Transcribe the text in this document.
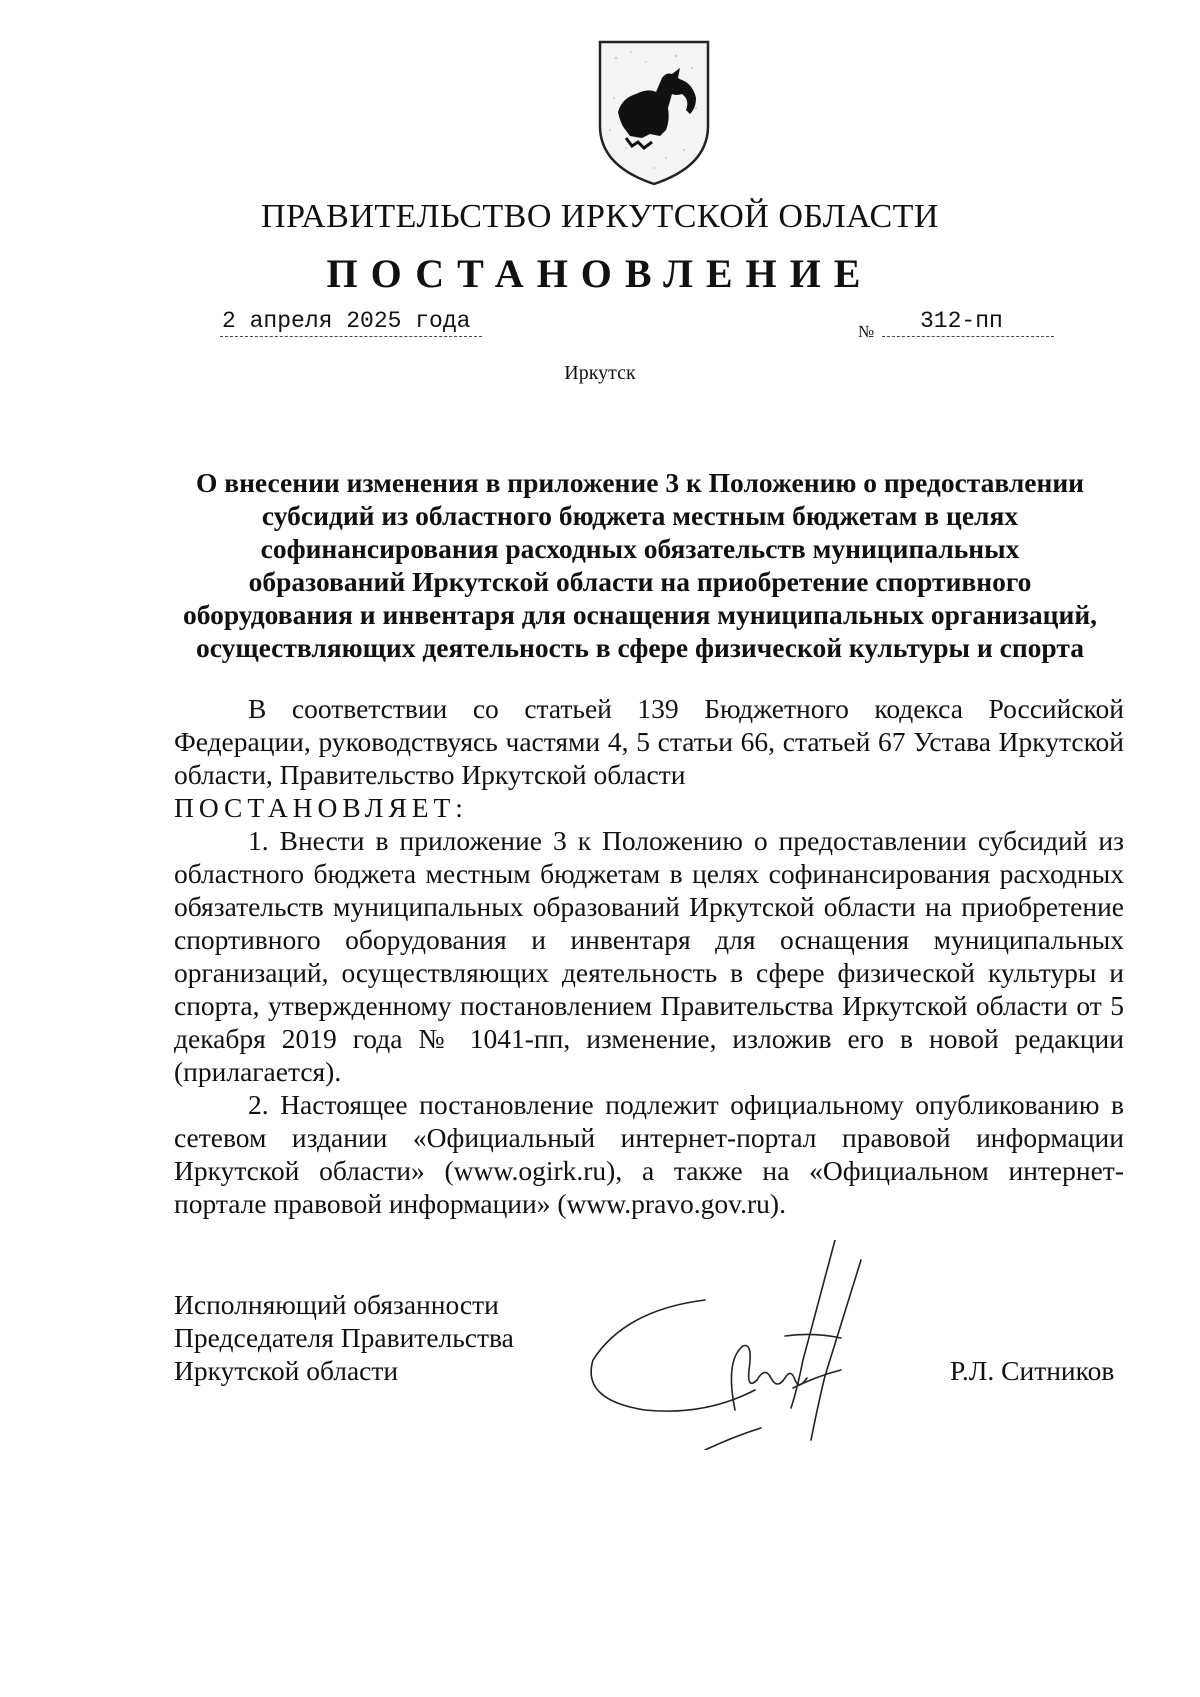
ПРАВИТЕЛЬСТВО ИРКУТСКОЙ ОБЛАСТИ
ПОСТАНОВЛЕНИЕ
2 апреля 2025 года	№	312-пп
Иркутск
О внесении изменения в приложение 3 к Положению о предоставлении
субсидий из областного бюджета местным бюджетам в целях
софинансирования расходных обязательств муниципальных
образований Иркутской области на приобретение спортивного
оборудования и инвентаря для оснащения муниципальных организаций,
осуществляющих деятельность в сфере физической культуры и спорта

В соответствии со статьей 139 Бюджетного кодекса Российской Федерации, руководствуясь частями 4, 5 статьи 66, статьей 67 Устава Иркутской области, Правительство Иркутской области

ПОСТАНОВЛЯЕТ:

1. Внести в приложение 3 к Положению о предоставлении субсидий из областного бюджета местным бюджетам в целях софинансирования расходных обязательств муниципальных образований Иркутской области на приобретение спортивного оборудования и инвентаря для оснащения муниципальных организаций, осуществляющих деятельность в сфере физической культуры и спорта, утвержденному постановлением Правительства Иркутской области от 5 декабря 2019 года № 1041-пп, изменение, изложив его в новой редакции (прилагается).

2. Настоящее постановление подлежит официальному опубликованию в сетевом издании «Официальный интернет-портал правовой информации Иркутской области» (www.ogirk.ru), а также на «Официальном интернет-портале правовой информации» (www.pravo.gov.ru).

Исполняющий обязанности
Председателя Правительства
Иркутской области	Р.Л. Ситников
